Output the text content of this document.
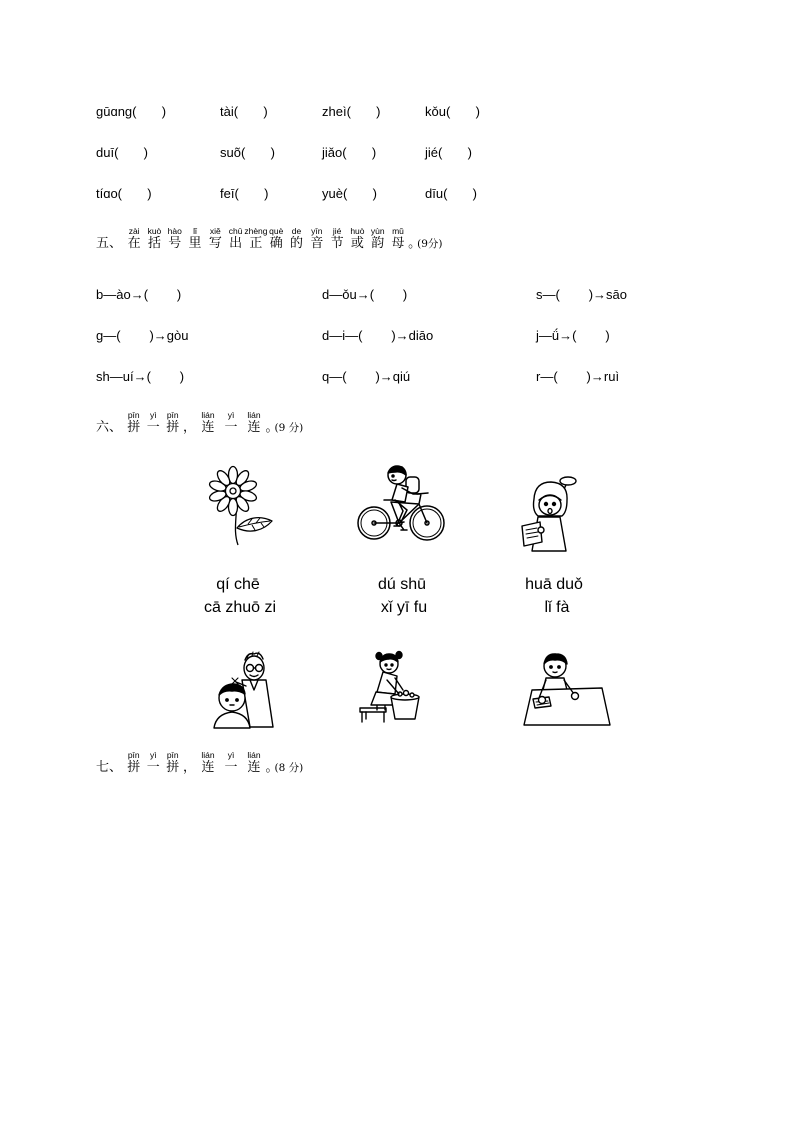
gūɑng(       )	tài(       )	zheì(       )	kǒu(       )
duī(       )	suõ(       )	jiǎo(       )	jié(       )
tíɑo(       )	feī(       )	yuè(       )	dīu(       )
五、
zài
在
kuò
括
hào
号
lǐ
里
xiě
写
chū
出
zhèng
正
què
确
de
的
yīn
音
jié
节
huò
或
yùn
韵
mǔ
母 。
(9分)
b—ào→(        )	d—ǒu→(        )	s—(        )→sāo
g—(        )→gòu	d—i—(        )→diāo	j—ǘ→(        )
sh—uí→(        )	q—(        )→qiú	r—(        )→ruì
六、
pīn
拼
yì
一
pīn
拼 ，
lián
连
yì
一
lián
连 。
(9 分)
qí chē	dú shū	huā duǒ
cā zhuō zi	xǐ yī fu	lǐ fà
七、
pīn
拼
yì
一
pīn
拼 ，
lián
连
yì
一
lián
连 。
(8 分)
